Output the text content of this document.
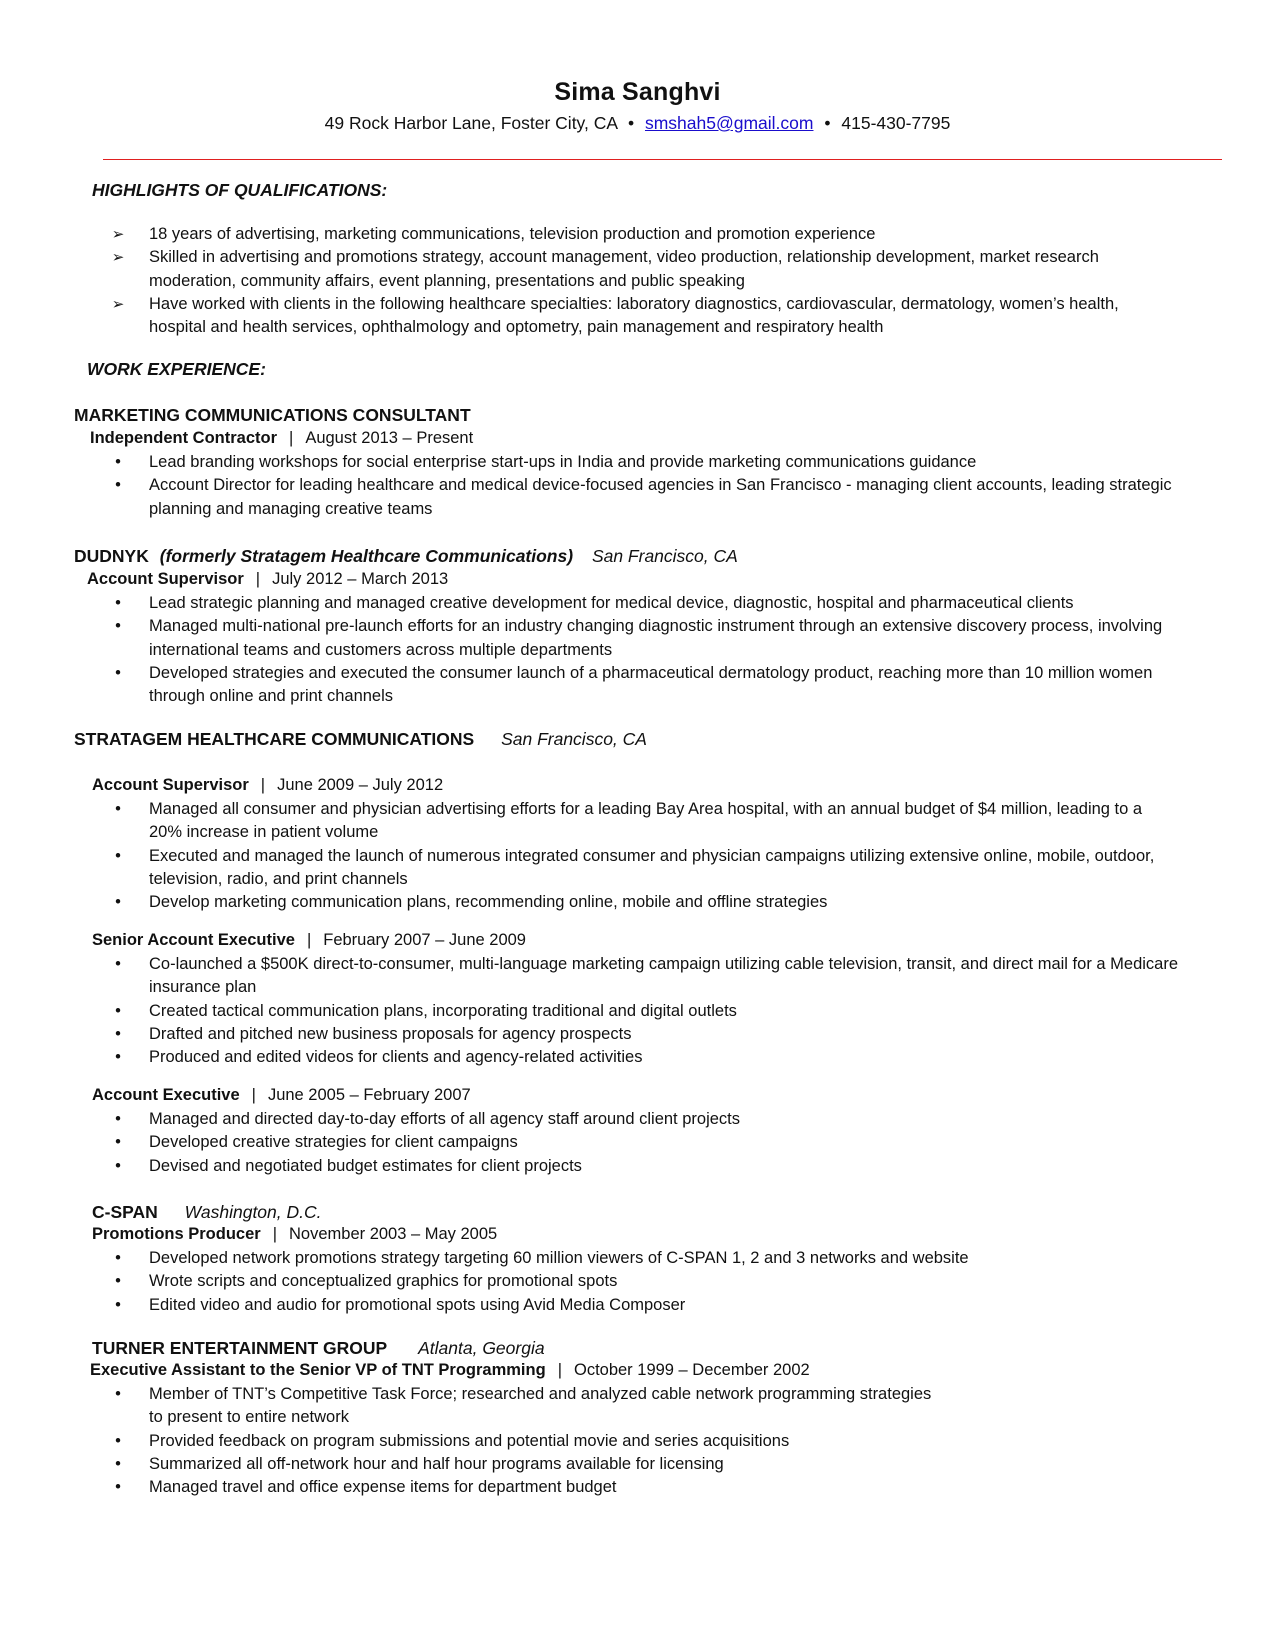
Sima Sanghvi
49 Rock Harbor Lane, Foster City, CA • smshah5@gmail.com • 415-430-7795
HIGHLIGHTS OF QUALIFICATIONS:
➢ 18 years of advertising, marketing communications, television production and promotion experience
➢ Skilled in advertising and promotions strategy, account management, video production, relationship development, market research moderation, community affairs, event planning, presentations and public speaking
➢ Have worked with clients in the following healthcare specialties: laboratory diagnostics, cardiovascular, dermatology, women’s health, hospital and health services, ophthalmology and optometry, pain management and respiratory health
WORK EXPERIENCE:
MARKETING COMMUNICATIONS CONSULTANT
Independent Contractor | August 2013 – Present
• Lead branding workshops for social enterprise start-ups in India and provide marketing communications guidance
• Account Director for leading healthcare and medical device-focused agencies in San Francisco - managing client accounts, leading strategic planning and managing creative teams
DUDNYK (formerly Stratagem Healthcare Communications) San Francisco, CA
Account Supervisor | July 2012 – March 2013
• Lead strategic planning and managed creative development for medical device, diagnostic, hospital and pharmaceutical clients
• Managed multi-national pre-launch efforts for an industry changing diagnostic instrument through an extensive discovery process, involving international teams and customers across multiple departments
• Developed strategies and executed the consumer launch of a pharmaceutical dermatology product, reaching more than 10 million women through online and print channels
STRATAGEM HEALTHCARE COMMUNICATIONS San Francisco, CA
Account Supervisor | June 2009 – July 2012
• Managed all consumer and physician advertising efforts for a leading Bay Area hospital, with an annual budget of $4 million, leading to a 20% increase in patient volume
• Executed and managed the launch of numerous integrated consumer and physician campaigns utilizing extensive online, mobile, outdoor, television, radio, and print channels
• Develop marketing communication plans, recommending online, mobile and offline strategies
Senior Account Executive | February 2007 – June 2009
• Co-launched a $500K direct-to-consumer, multi-language marketing campaign utilizing cable television, transit, and direct mail for a Medicare insurance plan
• Created tactical communication plans, incorporating traditional and digital outlets
• Drafted and pitched new business proposals for agency prospects
• Produced and edited videos for clients and agency-related activities
Account Executive | June 2005 – February 2007
• Managed and directed day-to-day efforts of all agency staff around client projects
• Developed creative strategies for client campaigns
• Devised and negotiated budget estimates for client projects
C-SPAN Washington, D.C.
Promotions Producer | November 2003 – May 2005
• Developed network promotions strategy targeting 60 million viewers of C-SPAN 1, 2 and 3 networks and website
• Wrote scripts and conceptualized graphics for promotional spots
• Edited video and audio for promotional spots using Avid Media Composer
TURNER ENTERTAINMENT GROUP Atlanta, Georgia
Executive Assistant to the Senior VP of TNT Programming | October 1999 – December 2002
• Member of TNT’s Competitive Task Force; researched and analyzed cable network programming strategies to present to entire network
• Provided feedback on program submissions and potential movie and series acquisitions
• Summarized all off-network hour and half hour programs available for licensing
• Managed travel and office expense items for department budget
